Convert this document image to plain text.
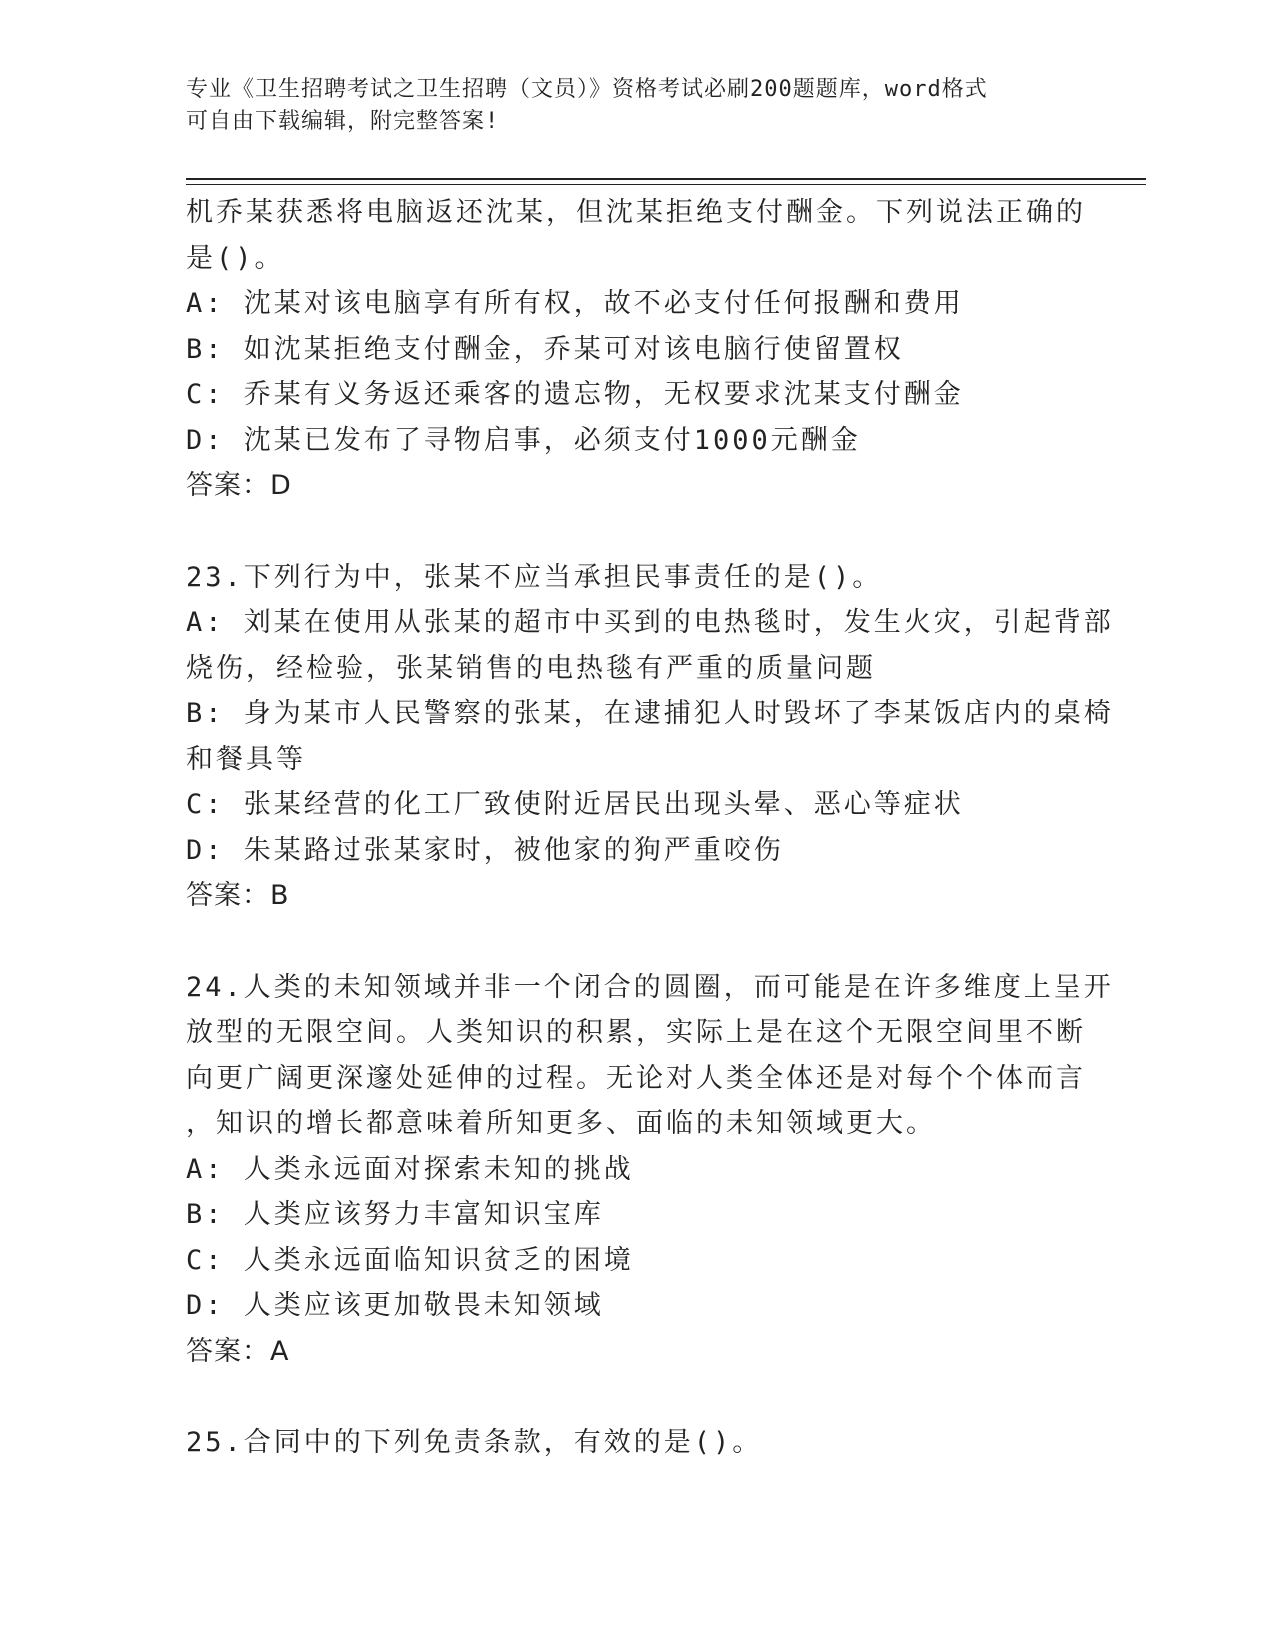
专业《卫生招聘考试之卫生招聘（文员）》资格考试必刷200题题库，word格式

可自由下载编辑，附完整答案!

机乔某获悉将电脑返还沈某，但沈某拒绝支付酬金。下列说法正确的
是()。
A: 沈某对该电脑享有所有权，故不必支付任何报酬和费用
B: 如沈某拒绝支付酬金，乔某可对该电脑行使留置权
C: 乔某有义务返还乘客的遗忘物，无权要求沈某支付酬金
D: 沈某已发布了寻物启事，必须支付1000元酬金
答案：D
23.下列行为中，张某不应当承担民事责任的是()。
A: 刘某在使用从张某的超市中买到的电热毯时，发生火灾，引起背部
烧伤，经检验，张某销售的电热毯有严重的质量问题
B: 身为某市人民警察的张某，在逮捕犯人时毁坏了李某饭店内的桌椅
和餐具等
C: 张某经营的化工厂致使附近居民出现头晕、恶心等症状
D: 朱某路过张某家时，被他家的狗严重咬伤
答案：B
24.人类的未知领域并非一个闭合的圆圈，而可能是在许多维度上呈开
放型的无限空间。人类知识的积累，实际上是在这个无限空间里不断
向更广阔更深邃处延伸的过程。无论对人类全体还是对每个个体而言
，知识的增长都意味着所知更多、面临的未知领域更大。
A: 人类永远面对探索未知的挑战
B: 人类应该努力丰富知识宝库
C: 人类永远面临知识贫乏的困境
D: 人类应该更加敬畏未知领域
答案：A
25.合同中的下列免责条款，有效的是()。
